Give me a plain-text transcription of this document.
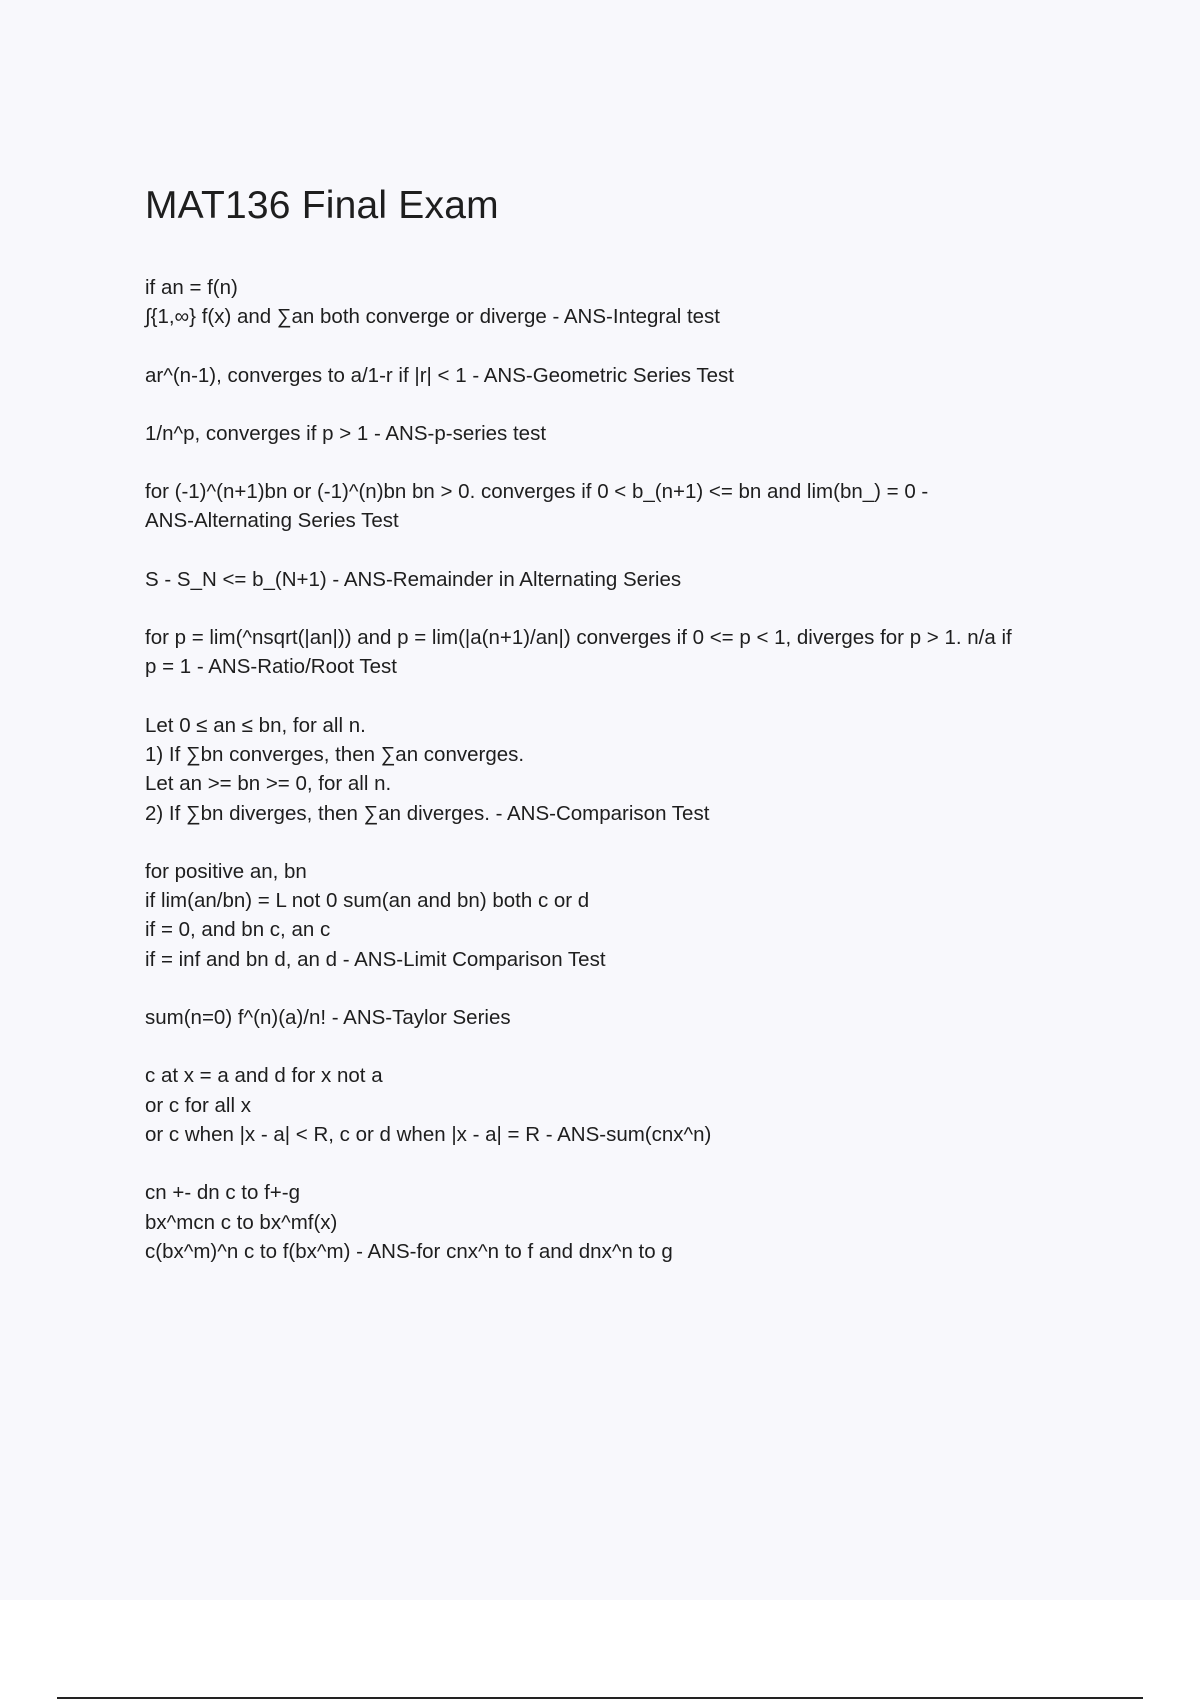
MAT136 Final Exam
if an = f(n)
∫{1,∞} f(x) and ∑an both converge or diverge - ANS-Integral test
ar^(n-1), converges to a/1-r if |r| < 1 - ANS-Geometric Series Test
1/n^p, converges if p > 1 - ANS-p-series test
for (-1)^(n+1)bn or (-1)^(n)bn bn > 0. converges if 0 < b_(n+1) <= bn and lim(bn_) = 0 -
ANS-Alternating Series Test
S - S_N <= b_(N+1) - ANS-Remainder in Alternating Series
for p = lim(^nsqrt(|an|)) and p = lim(|a(n+1)/an|) converges if 0 <= p < 1, diverges for p > 1. n/a if
p = 1 - ANS-Ratio/Root Test
Let 0 ≤ an ≤ bn, for all n.
1) If ∑bn converges, then ∑an converges.
Let an >= bn >= 0, for all n.
2) If ∑bn diverges, then ∑an diverges. - ANS-Comparison Test
for positive an, bn
if lim(an/bn) = L not 0 sum(an and bn) both c or d
if = 0, and bn c, an c
if = inf and bn d, an d - ANS-Limit Comparison Test
sum(n=0) f^(n)(a)/n! - ANS-Taylor Series
c at x = a and d for x not a
or c for all x
or c when |x - a| < R, c or d when |x - a| = R - ANS-sum(cnx^n)
cn +- dn c to f+-g
bx^mcn c to bx^mf(x)
c(bx^m)^n c to f(bx^m) - ANS-for cnx^n to f and dnx^n to g
